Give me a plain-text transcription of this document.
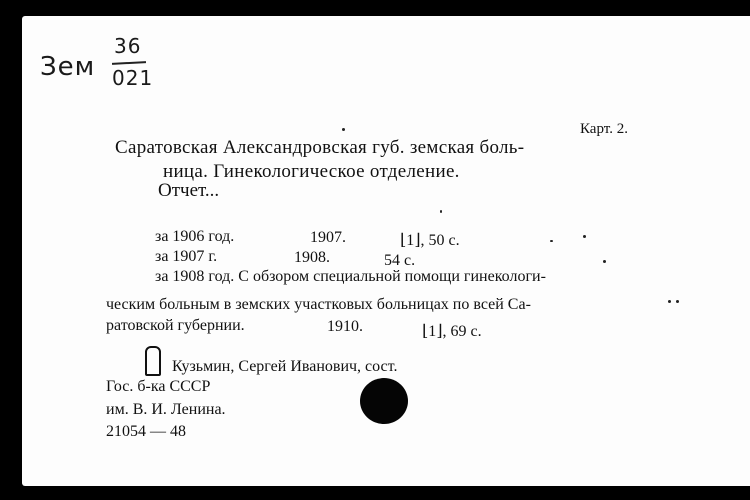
Зем
36
021
Карт. 2.
Саратовская Александровская губ. земская боль-
ница. Гинекологическое отделение.
Отчет...
за 1906 год.	1907.	⌊1⌋, 50 с.
за 1907 г.	1908.	54 с.
за 1908 год. С обзором специальной помощи гинекологи-
ческим больным в земских участковых больницах по всей Са-
ратовской губернии.	1910.	⌊1⌋, 69 с.
Кузьмин, Сергей Иванович, сост.
Гос. б-ка СССР
им. В. И. Ленина.
21054 — 48
